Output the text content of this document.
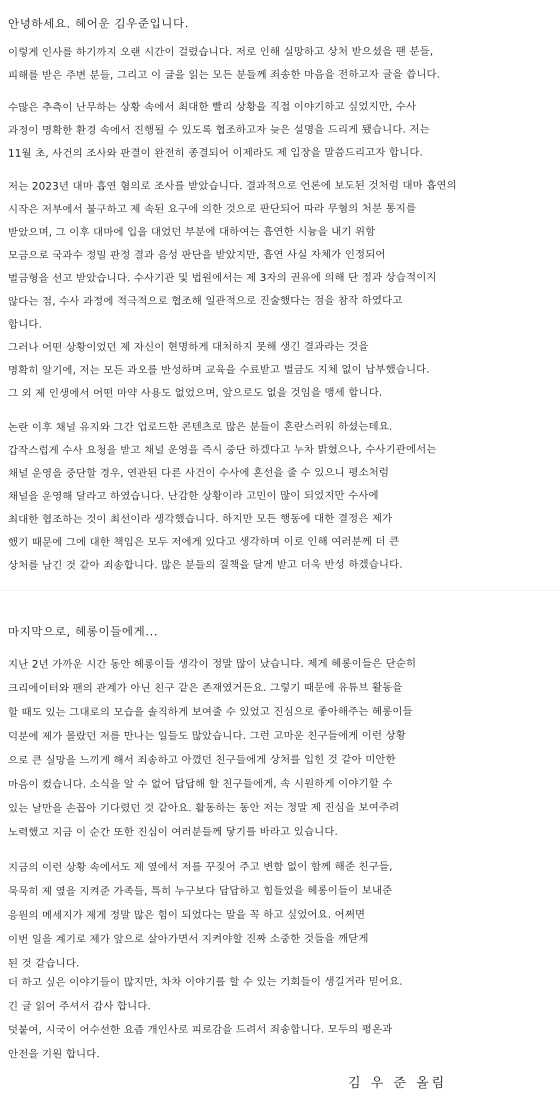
안녕하세요. 헤어운 김우준입니다.
이렇게 인사를 하기까지 오랜 시간이 걸렸습니다. 저로 인해 실망하고 상처 받으셨을 팬 분들,
피해를 받은 주변 분들, 그리고 이 글을 읽는 모든 분들께 죄송한 마음을 전하고자 글을 씁니다.
수많은 추측이 난무하는 상황 속에서 최대한 빨리 상황을 직접 이야기하고 싶었지만, 수사
과정이 명확한 환경 속에서 진행될 수 있도록 협조하고자 늦은 설명을 드리게 됐습니다. 저는
11월 초, 사건의 조사와 판결이 완전히 종결되어 이제라도 제 입장을 말씀드리고자 합니다.
저는 2023년 대마 흡연 혐의로 조사를 받았습니다. 결과적으로 언론에 보도된 것처럼 대마 흡연의
시작은 저부에서 불구하고 제 속된 요구에 의한 것으로 판단되어 따라 무혐의 처분 통지를
받았으며, 그 이후 대마에 입을 대었던 부분에 대하여는 흡연한 시늉을 내기 위함
모금으로 국과수 정밀 판정 결과 음성 판단을 받았지만, 흡연 사실 자체가 인정되어
벌금형을 선고 받았습니다. 수사기관 및 법원에서는 제 3자의 권유에 의해 단 정과 상습적이지
않다는 점, 수사 과정에 적극적으로 협조해 일관적으로 진술했다는 점을 참작 하였다고
합니다.
그러나 어떤 상황이었던 제 자신이 현명하게 대처하지 못해 생긴 결과라는 것을
명확히 알기에, 저는 모든 과오를 반성하며 교육을 수료받고 벌금도 지체 없이 납부했습니다.
그 외 제 인생에서 어떤 마약 사용도 없었으며, 앞으로도 없을 것임을 맹세 합니다.
논란 이후 채널 유지와 그간 업로드한 콘텐츠로 많은 분들이 혼란스러워 하셨는데요.
갑작스럽게 수사 요청을 받고 채널 운영을 즉시 중단 하겠다고 누차 밝혔으나, 수사기관에서는
채널 운영을 중단할 경우, 연관된 다른 사건이 수사에 혼선을 줄 수 있으니 평소처럼
채널을 운영해 달라고 하였습니다. 난감한 상황이라 고민이 많이 되었지만 수사에
최대한 협조하는 것이 최선이라 생각했습니다. 하지만 모든 행동에 대한 결정은 제가
했기 때문에 그에 대한 책임은 모두 저에게 있다고 생각하며 이로 인해 여러분께 더 큰
상처를 남긴 것 같아 죄송합니다. 많은 분들의 질책을 달게 받고 더욱 반성 하겠습니다.
마지막으로, 헤롱이들에게...
지난 2년 가까운 시간 동안 헤롱이들 생각이 정말 많이 났습니다. 제게 헤롱이들은 단순히
크리에이터와 팬의 관계가 아닌 친구 같은 존재였거든요. 그렇기 때문에 유튜브 활동을
할 때도 있는 그대로의 모습을 솔직하게 보여줄 수 있었고 진심으로 좋아해주는 헤롱이들
덕분에 제가 몰랐던 저를 만나는 일들도 많았습니다. 그런 고마운 친구들에게 이런 상황
으로 큰 실망을 느끼게 해서 죄송하고 아꼈던 친구들에게 상처를 입힌 것 같아 미안한
마음이 컸습니다. 소식을 알 수 없어 답답해 할 친구들에게, 속 시원하게 이야기할 수
있는 날만을 손꼽아 기다렸던 것 같아요. 활동하는 동안 저는 정말 제 진심을 보여주려
노력했고 지금 이 순간 또한 진심이 여러분들께 닿기를 바라고 있습니다.
지금의 이런 상황 속에서도 제 옆에서 저를 꾸짖어 주고 변함 없이 함께 해준 친구들,
묵묵히 제 옆을 지켜준 가족들, 특히 누구보다 답답하고 힘들었을 헤롱이들이 보내준
응원의 메세지가 제게 정말 많은 힘이 되었다는 말을 꼭 하고 싶었어요. 어쩌면
이번 일을 계기로 제가 앞으로 살아가면서 지켜야할 진짜 소중한 것들을 깨닫게
된 것 같습니다.
더 하고 싶은 이야기들이 많지만, 차차 이야기를 할 수 있는 기회들이 생길거라 믿어요.
긴 글 읽어 주셔서 감사 합니다.
덧붙여, 시국이 어수선한 요즘 개인사로 피로감을 드려서 죄송합니다. 모두의 평온과
안전을 기원 합니다.
김 우 준 올림
